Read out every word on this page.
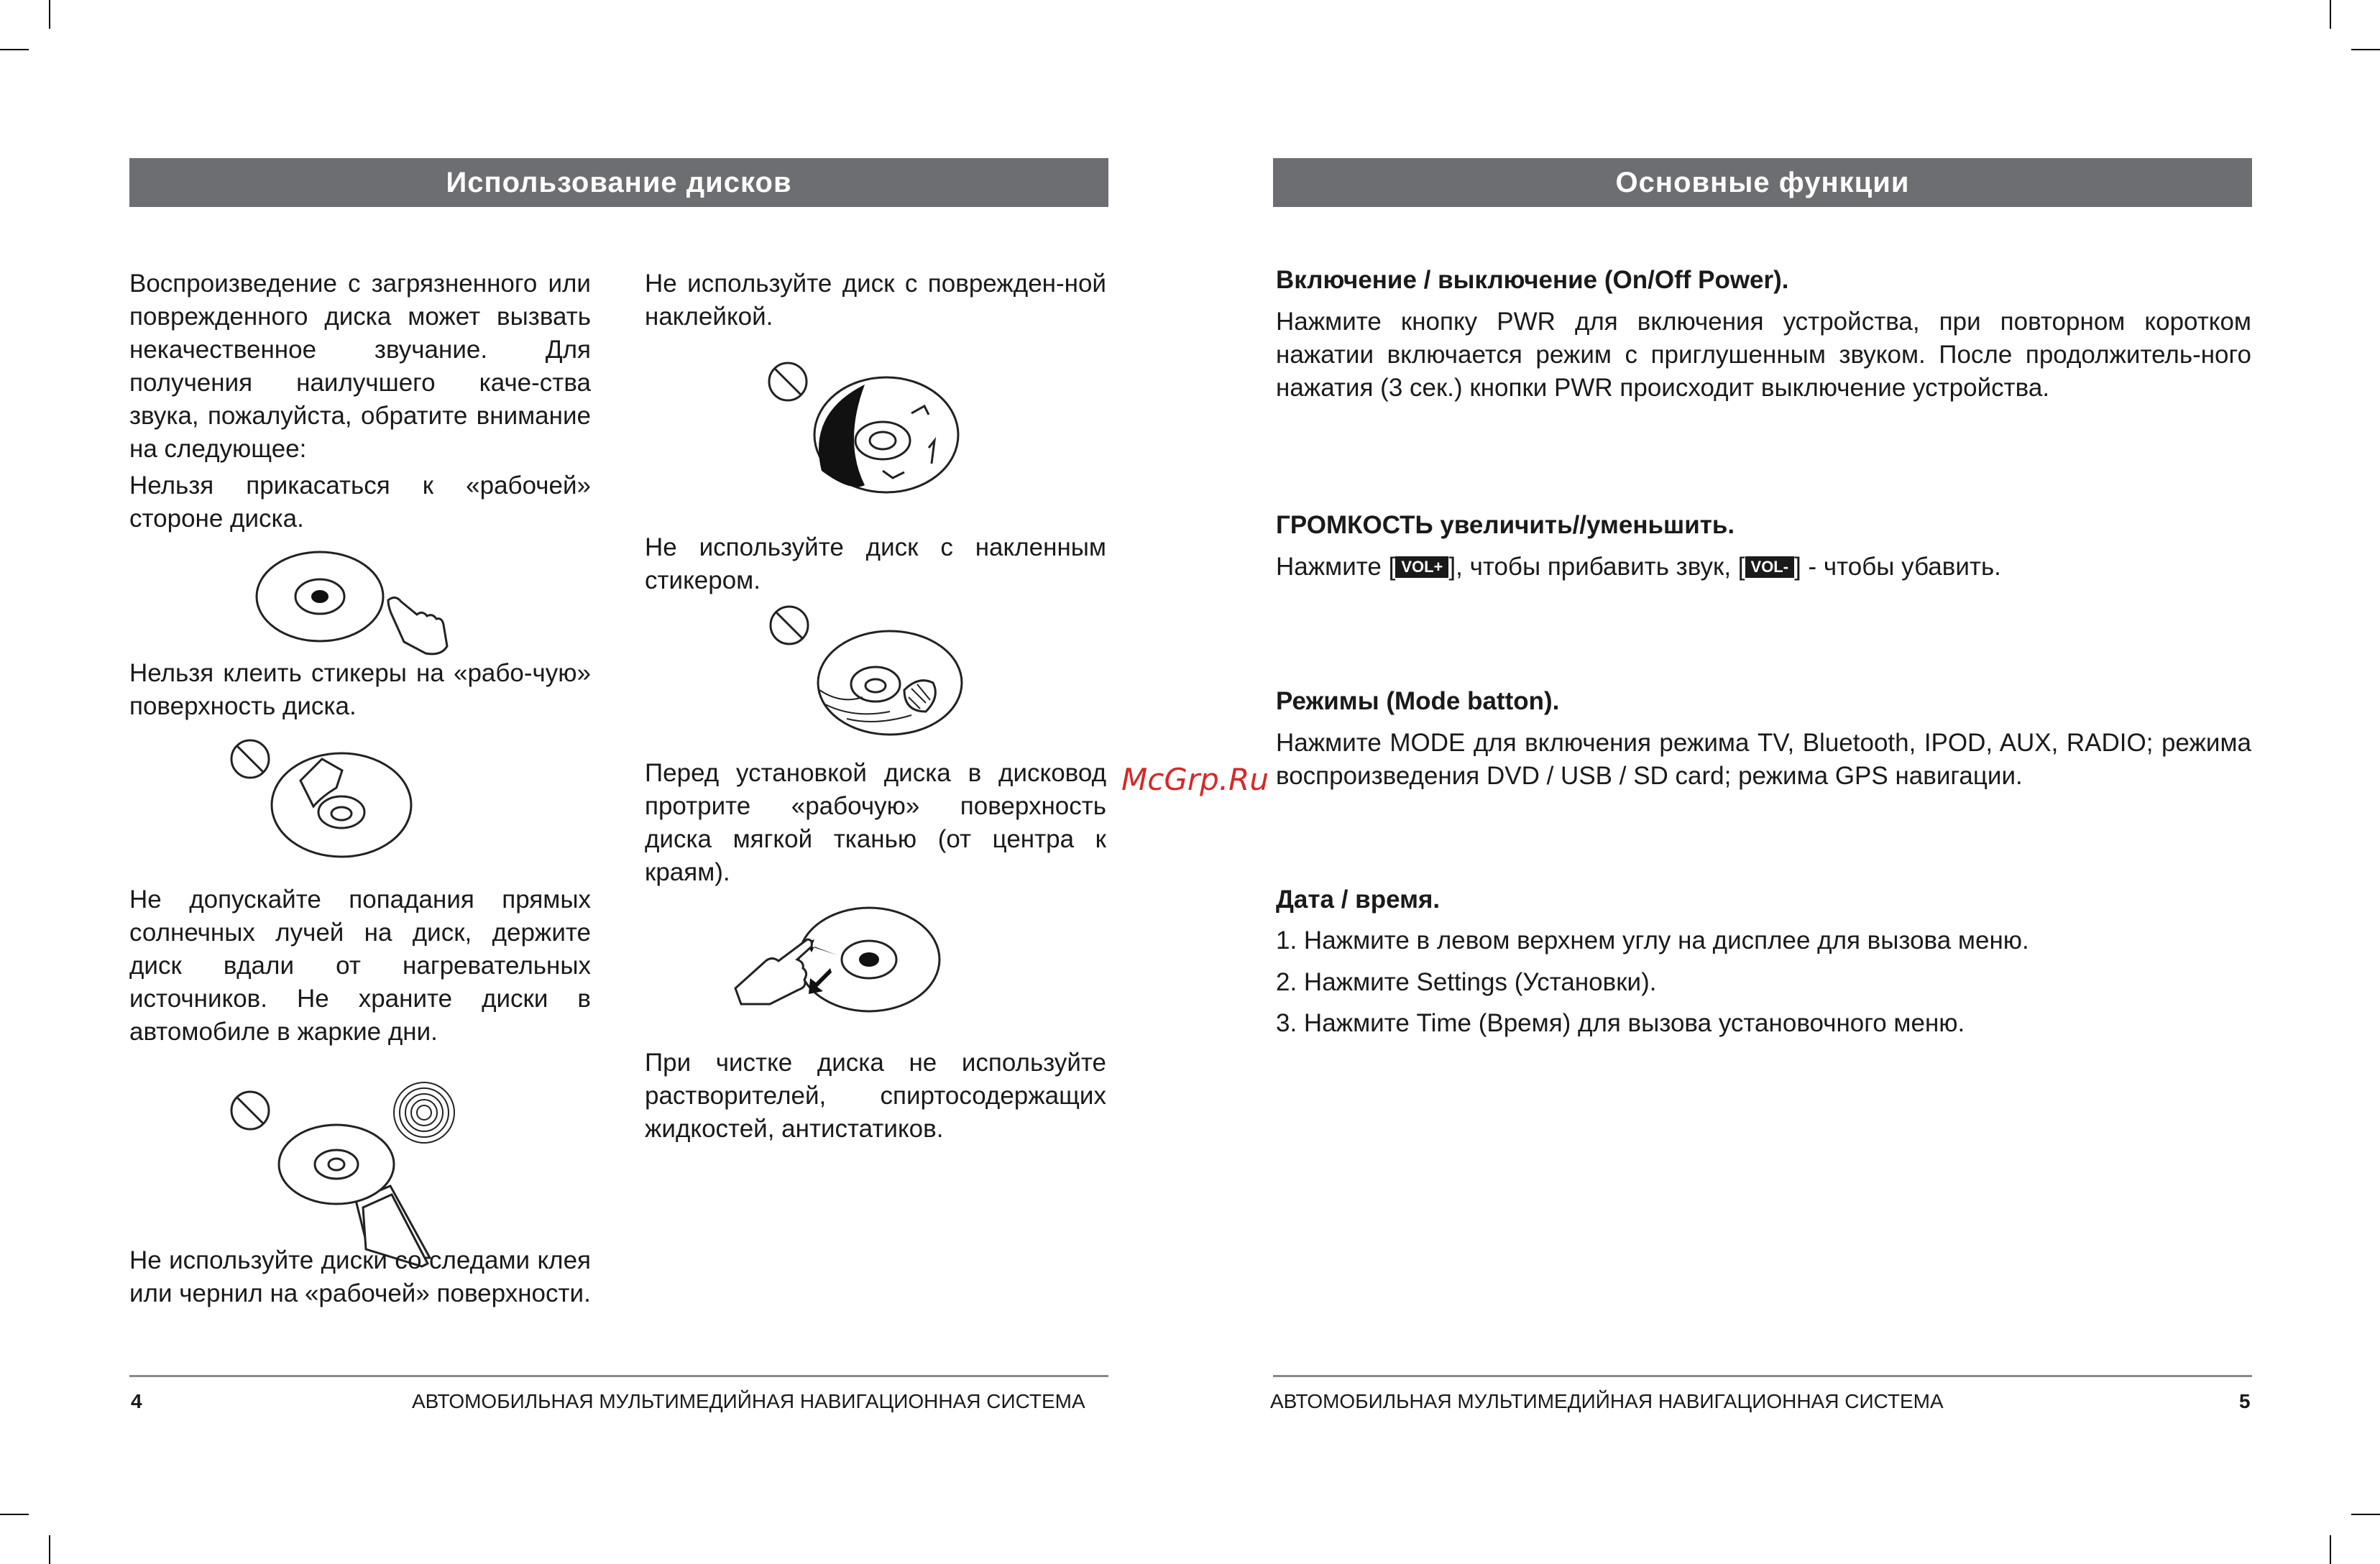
Использование дисков

Воспроизведение с загрязненного или поврежденного диска может вызвать некачественное звучание. Для получения наилучшего каче-ства звука, пожалуйста, обратите внимание на следующее:

Нельзя прикасаться к «рабочей» стороне диска.

Нельзя клеить стикеры на «рабо-чую» поверхность диска.

Не допускайте попадания прямых солнечных лучей на диск, держите диск вдали от нагревательных источников. Не храните диски в автомобиле в жаркие дни.

Не используйте диски со следами клея или чернил на «рабочей» поверхности.

Не используйте диск с поврежден-ной наклейкой.

Не используйте диск с накленным стикером.

Перед установкой диска в дисковод протрите «рабочую» поверхность диска мягкой тканью (от центра к краям).

При чистке диска не используйте растворителей, спиртосодержащих жидкостей, антистатиков.

4	АВТОМОБИЛЬНАЯ МУЛЬТИМЕДИЙНАЯ НАВИГАЦИОННАЯ СИСТЕМА
Основные функции

Включение / выключение (On/Off Power).

Нажмите кнопку PWR для включения устройства, при повторном коротком нажатии включается режим с приглушенным звуком. После продолжитель-ного нажатия (3 сек.) кнопки PWR происходит выключение устройства.

ГРОМКОСТЬ увеличить//уменьшить.

Нажмите [ VOL+ ], чтобы прибавить звук, [ VOL- ] - чтобы убавить.

Режимы (Mode batton).

Нажмите MODE для включения режима TV, Bluetooth, IPOD, AUX, RADIO; режима воспроизведения DVD / USB / SD card; режима GPS навигации.

Дата / время.

1. Нажмите в левом верхнем углу на дисплее для вызова меню.

2. Нажмите Settings (Установки).

3. Нажмите Time (Время) для вызова установочного меню.

АВТОМОБИЛЬНАЯ МУЛЬТИМЕДИЙНАЯ НАВИГАЦИОННАЯ СИСТЕМА	5
McGrp.Ru
